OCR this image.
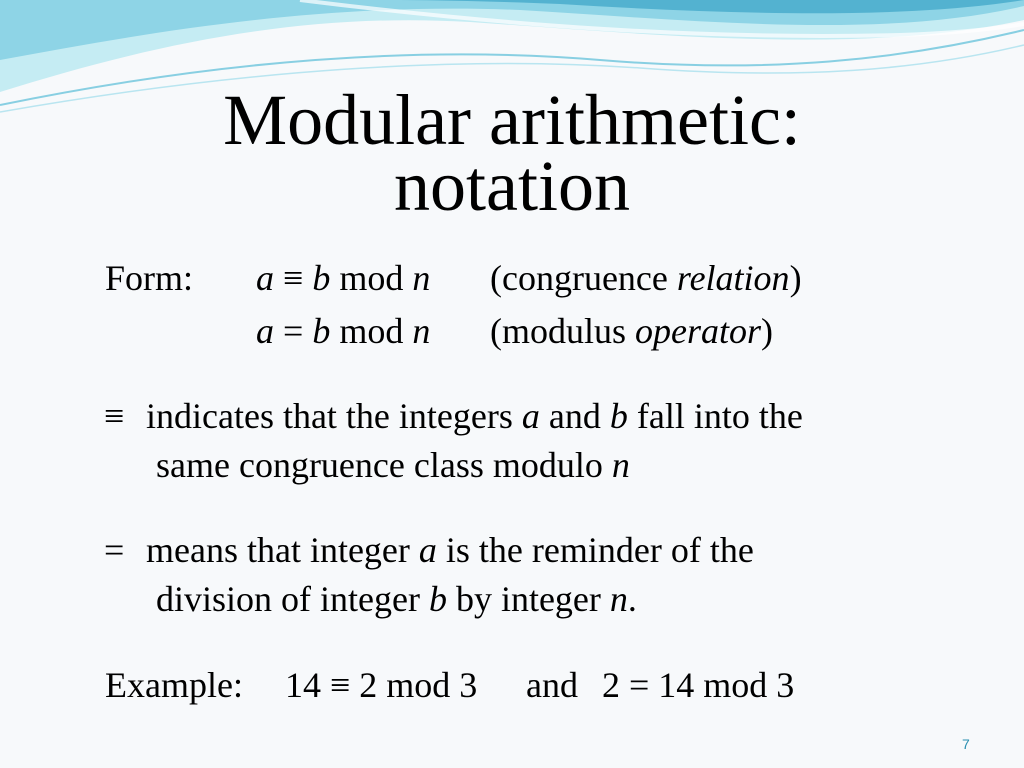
Modular arithmetic:
notation
Form: a ≡ b mod n (congruence relation)
a = b mod n (modulus operator)
≡ indicates that the integers a and b fall into the
same congruence class modulo n
= means that integer a is the reminder of the
division of integer b by integer n.
Example: 14 ≡ 2 mod 3 and 2 = 14 mod 3
7
